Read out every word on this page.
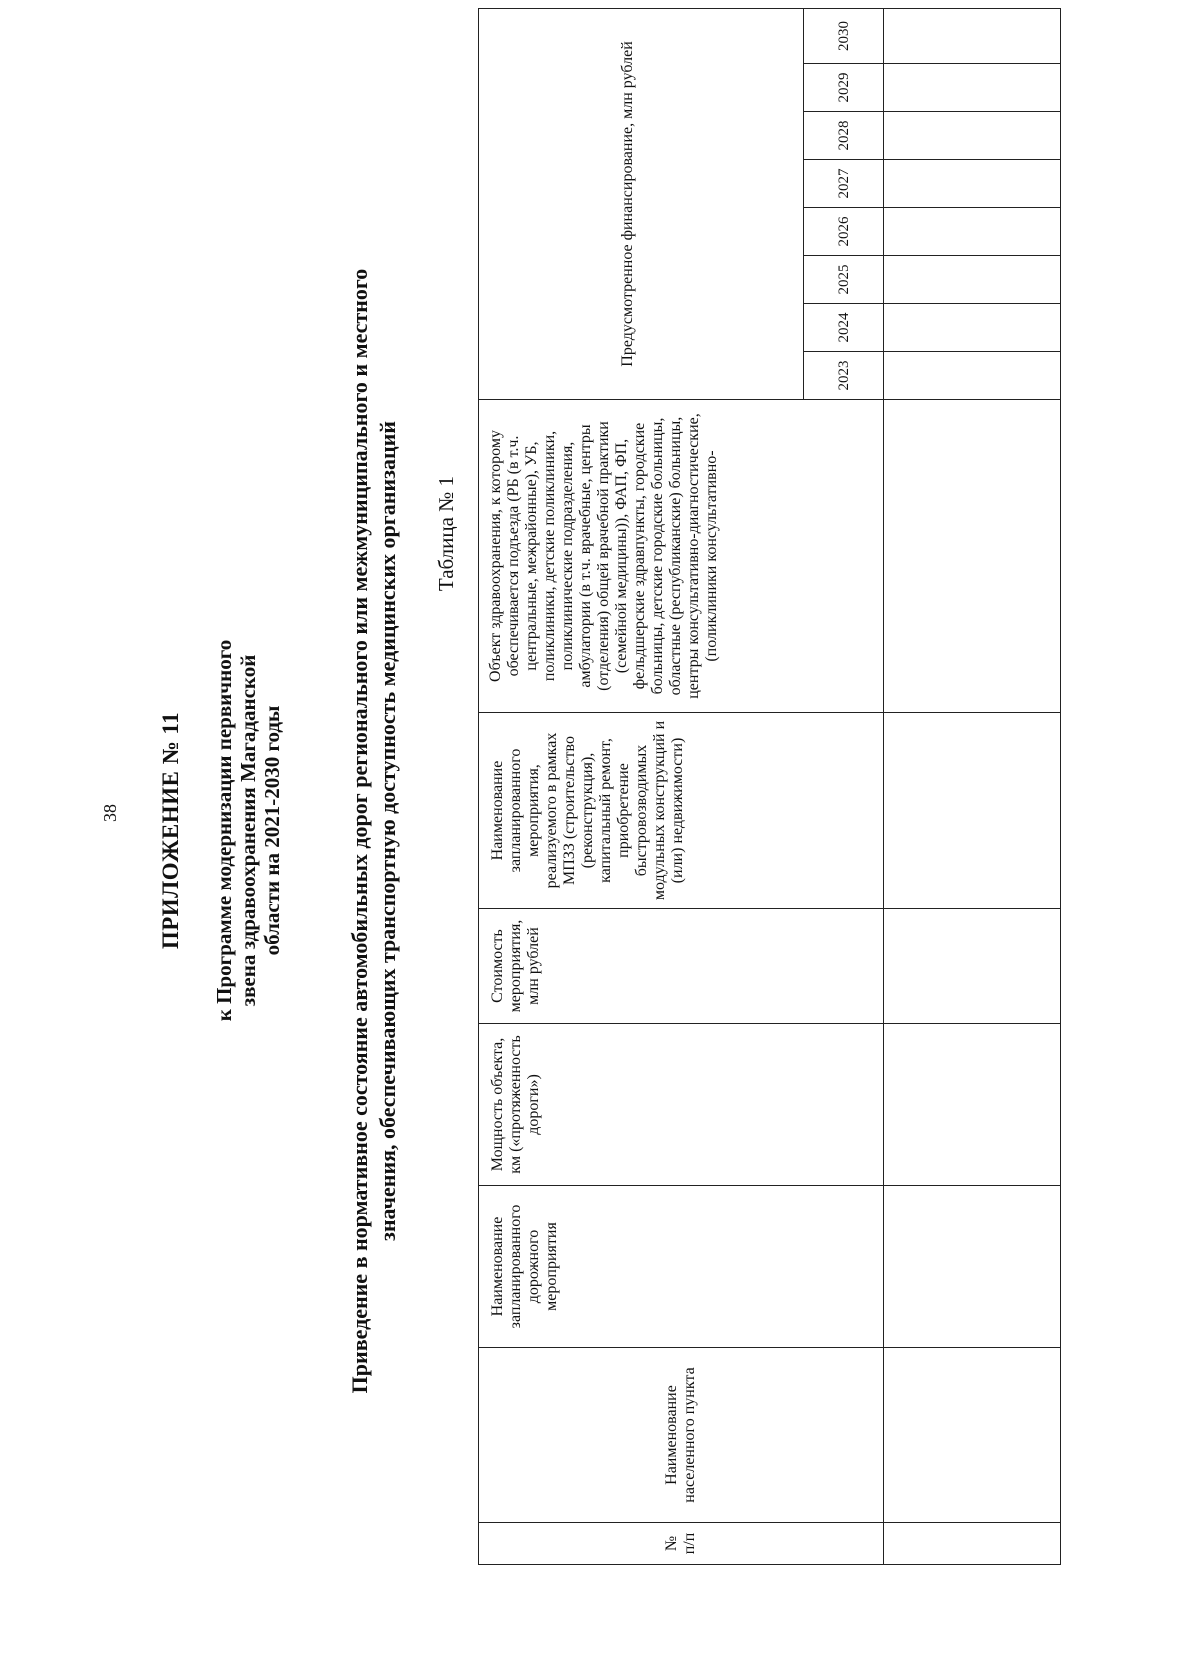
38 ПРИЛОЖЕНИЕ № 11 к Программе модернизации первичного звена здравоохранения Магаданской области на 2021-2030 годы	Приведение в нормативное состояние автомобильных дорог регионального или межмуниципального и местного значения, обеспечивающих транспортную доступность медицинских организаций Таблица № 1
№ п/п	Наименование населенного пункта	Наименование запланированного дорожного мероприятия	Мощность объекта, км («протяженность дороги»)	Стоимость мероприятия, млн рублей	Наименование запланированного мероприятия, реализуемого в рамках МПЗЗ (строительство (реконструкция), капитальный ремонт, приобретение быстровозводимых модульных конструкций и (или) недвижимости)	Объект здравоохранения, к которому обеспечивается подъезда (РБ (в т.ч. центральные, межрайонные), УБ, поликлиники, детские поликлиники, поликлинические подразделения, амбулатории (в т.ч. врачебные, центры (отделения) общей врачебной практики (семейной медицины)), ФАП, ФП, фельдшерские здравпункты, городские больницы, детские городские больницы, областные (республиканские) больницы, центры консультативно-диагностические, (поликлиники консультативно-	Предусмотренное финансирование, млн рублей							
							2023	2024	2025	2026	2027	2028	2029	2030
